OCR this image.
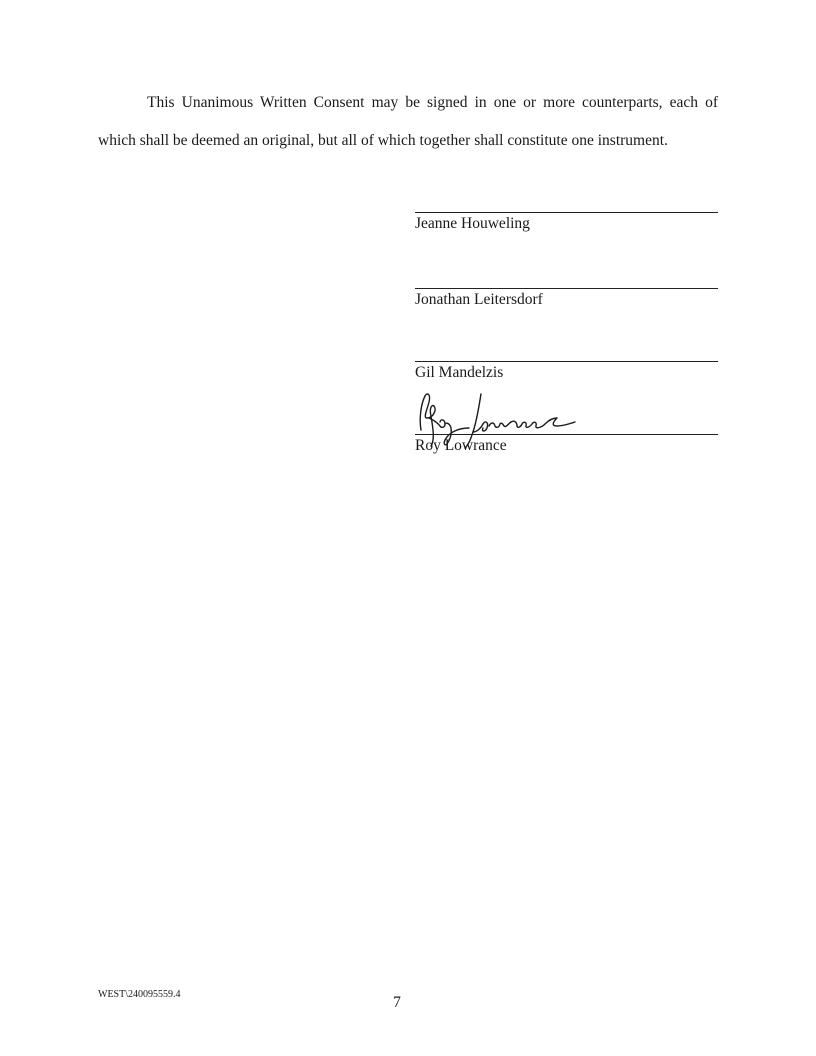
This Unanimous Written Consent may be signed in one or more counterparts, each of which shall be deemed an original, but all of which together shall constitute one instrument.

Jeanne Houweling
Jonathan Leitersdorf
Gil Mandelzis
Roy Lowrance
WEST\240095559.4	7
